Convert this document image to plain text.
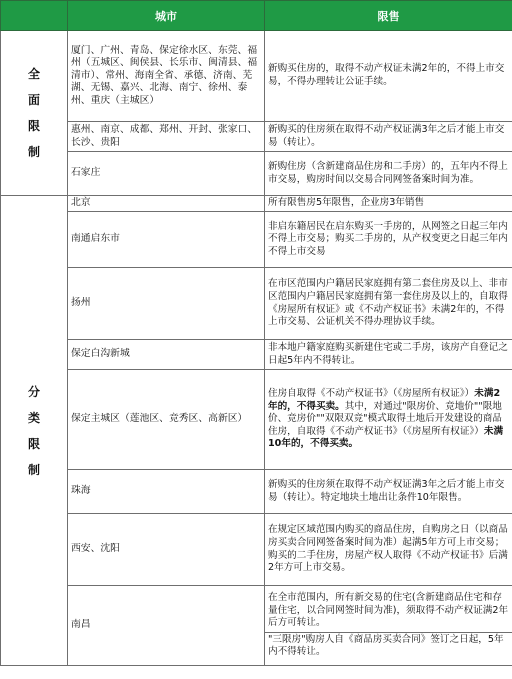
	城市	限售
全面限制	厦门、广州、青岛、保定徐水区、东莞、福州（五城区、闽侯县、长乐市、闽清县、福清市）、常州、海南全省、承德、济南、芜湖、无锡、嘉兴、北海、南宁、徐州、泰州、重庆（主城区）	新购买住房的，取得不动产权证未满2年的，不得上市交易，不得办理转让公证手续。
	惠州、南京、成都、郑州、开封、张家口、长沙、贵阳	新购买的住房须在取得不动产权证满3年之后才能上市交易（转让）。
	石家庄	新购住房（含新建商品住房和二手房）的，五年内不得上市交易，购房时间以交易合同网签备案时间为准。
分类限制	北京	所有限售房5年限售，企业房3年销售
	南通启东市	非启东籍居民在启东购买一手房的，从网签之日起三年内不得上市交易；购买二手房的，从产权变更之日起三年内不得上市交易
	扬州	在市区范围内户籍居民家庭拥有第二套住房及以上、非市区范围内户籍居民家庭拥有第一套住房及以上的，自取得《房屋所有权证》或《不动产权证书》未满2年的，不得上市交易、公证机关不得办理协议手续。
	保定白沟新城	非本地户籍家庭购买新建住宅或二手房，该房产自登记之日起5年内不得转让。
	保定主城区（莲池区、竞秀区、高新区）	住房自取得《不动产权证书》（《房屋所有权证》）未满2年的，不得买卖。其中，对通过"限房价、竞地价""限地价、竞房价""双限双竞"模式取得土地后开发建设的商品住房，自取得《不动产权证书》（《房屋所有权证》）未满10年的，不得买卖。
	珠海	新购买的住房须在取得不动产权证满3年之后才能上市交易（转让）。特定地块土地出让条件10年限售。
	西安、沈阳	在规定区域范围内购买的商品住房，自购房之日（以商品房买卖合同网签备案时间为准）起满5年方可上市交易；购买的二手住房，房屋产权人取得《不动产权证书》后满2年方可上市交易。
	南昌	在全市范围内，所有新交易的住宅(含新建商品住宅和存量住宅，以合同网签时间为准)，须取得不动产权证满2年后方可转让。
"三限房"购房人自《商品房买卖合同》签订之日起，5年内不得转让。
